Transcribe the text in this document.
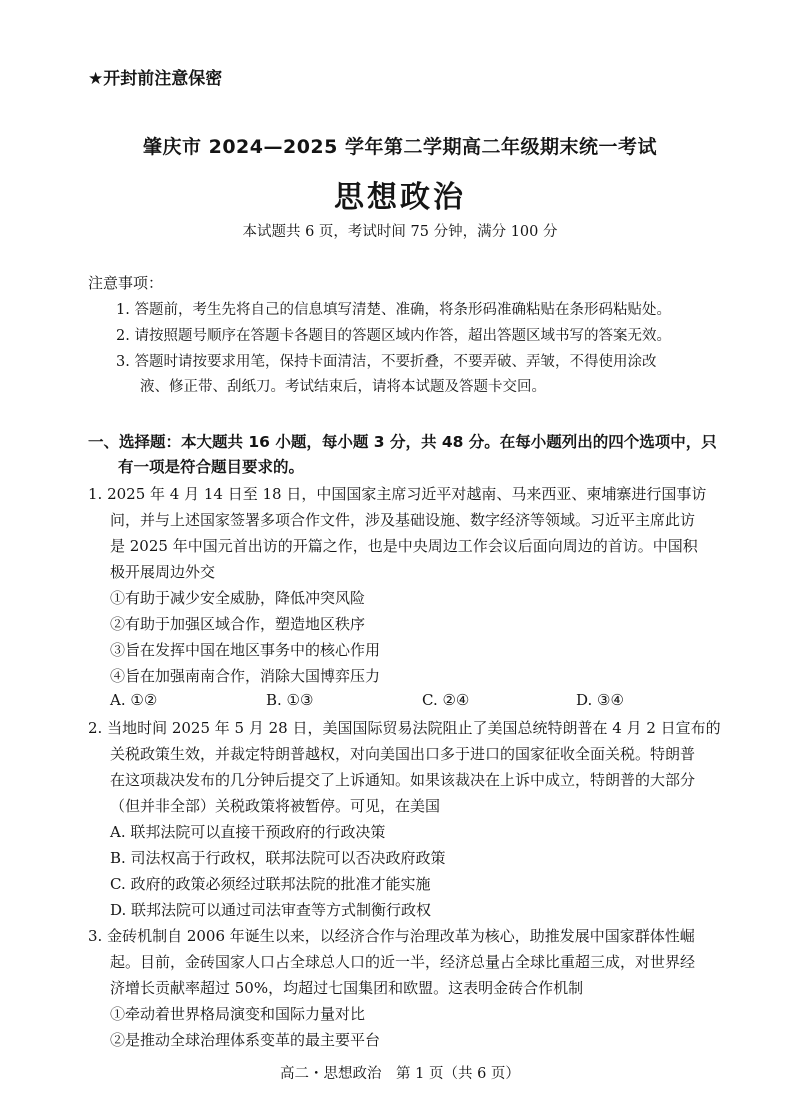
★开封前注意保密
肇庆市 2024—2025 学年第二学期高二年级期末统一考试
思想政治
本试题共 6 页，考试时间 75 分钟，满分 100 分
注意事项：
1. 答题前，考生先将自己的信息填写清楚、准确，将条形码准确粘贴在条形码粘贴处。
2. 请按照题号顺序在答题卡各题目的答题区域内作答，超出答题区域书写的答案无效。
3. 答题时请按要求用笔，保持卡面清洁，不要折叠，不要弄破、弄皱，不得使用涂改
液、修正带、刮纸刀。考试结束后，请将本试题及答题卡交回。
一、选择题：本大题共 16 小题，每小题 3 分，共 48 分。在每小题列出的四个选项中，只
有一项是符合题目要求的。
1. 2025 年 4 月 14 日至 18 日，中国国家主席习近平对越南、马来西亚、柬埔寨进行国事访
问，并与上述国家签署多项合作文件，涉及基础设施、数字经济等领域。习近平主席此访
是 2025 年中国元首出访的开篇之作，也是中央周边工作会议后面向周边的首访。中国积
极开展周边外交
①有助于减少安全威胁，降低冲突风险
②有助于加强区域合作，塑造地区秩序
③旨在发挥中国在地区事务中的核心作用
④旨在加强南南合作，消除大国博弈压力
A. ①②	B. ①③	C. ②④	D. ③④
2. 当地时间 2025 年 5 月 28 日，美国国际贸易法院阻止了美国总统特朗普在 4 月 2 日宣布的
关税政策生效，并裁定特朗普越权，对向美国出口多于进口的国家征收全面关税。特朗普
在这项裁决发布的几分钟后提交了上诉通知。如果该裁决在上诉中成立，特朗普的大部分
（但并非全部）关税政策将被暂停。可见，在美国
A. 联邦法院可以直接干预政府的行政决策
B. 司法权高于行政权，联邦法院可以否决政府政策
C. 政府的政策必须经过联邦法院的批准才能实施
D. 联邦法院可以通过司法审查等方式制衡行政权
3. 金砖机制自 2006 年诞生以来，以经济合作与治理改革为核心，助推发展中国家群体性崛
起。目前，金砖国家人口占全球总人口的近一半，经济总量占全球比重超三成，对世界经
济增长贡献率超过 50%，均超过七国集团和欧盟。这表明金砖合作机制
①牵动着世界格局演变和国际力量对比
②是推动全球治理体系变革的最主要平台
高二・思想政治　第 1 页（共 6 页）
